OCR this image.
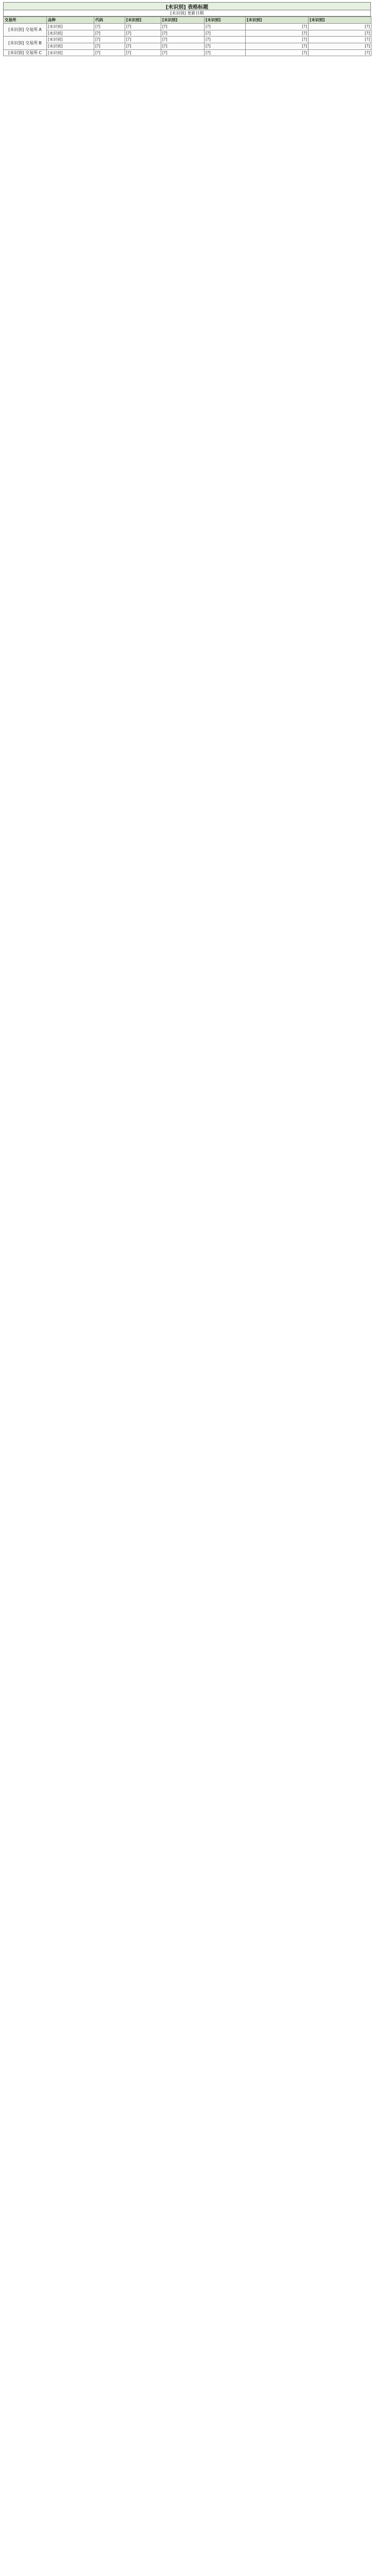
[未识别] 表格标题
[未识别] 更新日期
交易所	品种	代码	[未识别]	[未识别]	[未识别]	[未识别]	[未识别]
[未识别] 交易所 A	[未识别]	[?]	[?]	[?]	[?]	[?]	[?]
	[未识别]	[?]	[?]	[?]	[?]	[?]	[?]
[未识别] 交易所 B	[未识别]	[?]	[?]	[?]	[?]	[?]	[?]
	[未识别]	[?]	[?]	[?]	[?]	[?]	[?]
[未识别] 交易所 C	[未识别]	[?]	[?]	[?]	[?]	[?]	[?]
